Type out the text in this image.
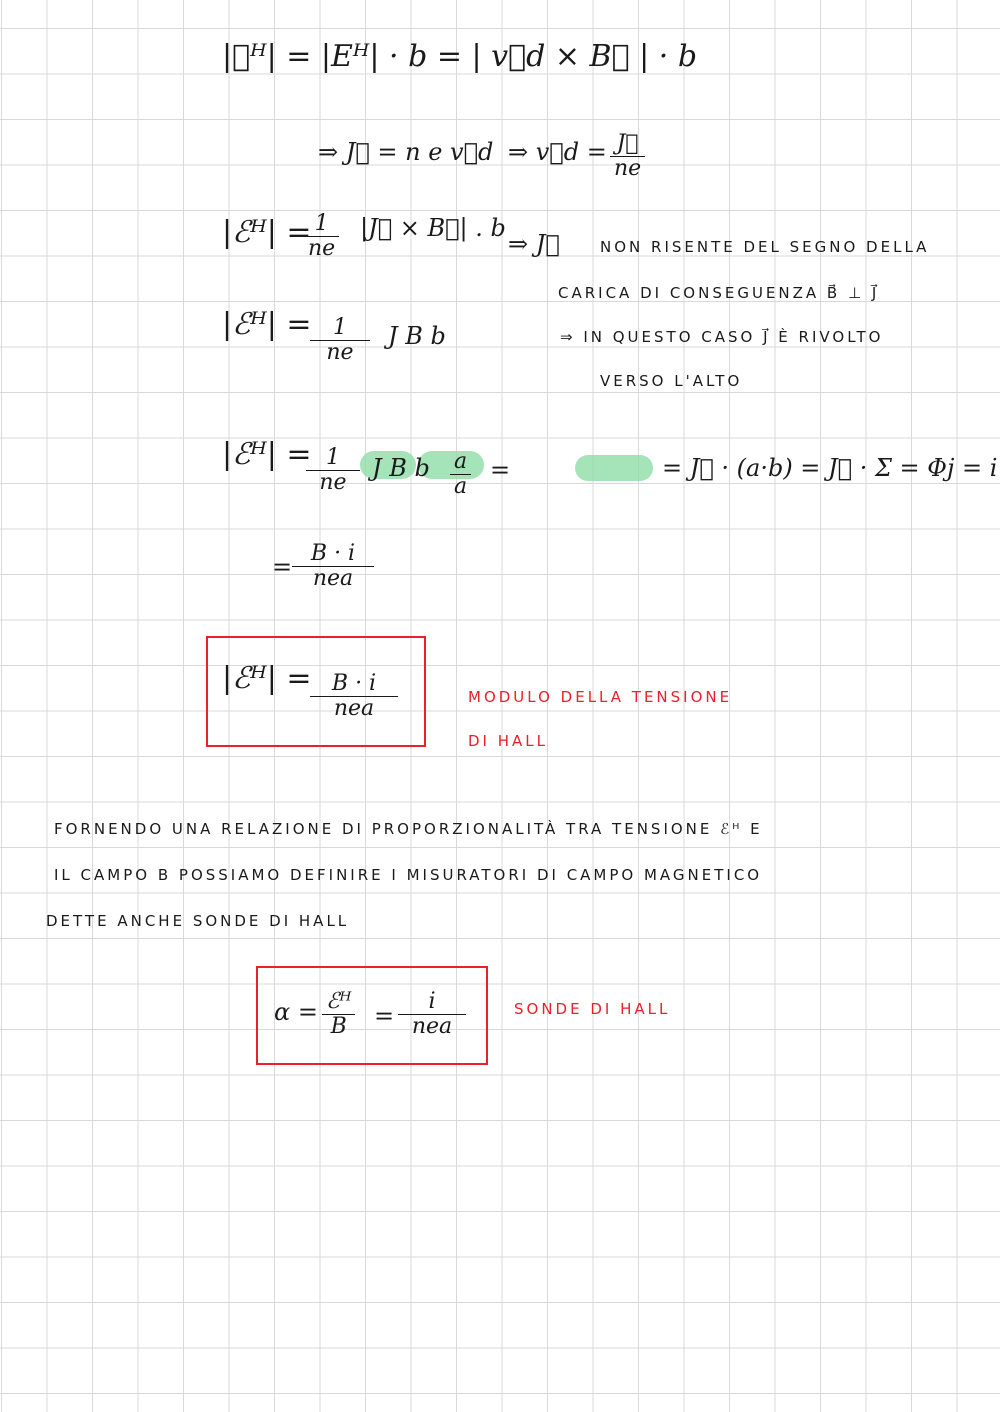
|ℰᴴ| = |Eᴴ| · b = | v⃗d × B⃗ | · b
⇒ J⃗ = n e v⃗d ⇒ v⃗d = J⃗
ne
|ℰᴴ| = 1
ne
|J⃗ × B⃗| . b
⇒ J⃗	NON RISENTE DEL SEGNO DELLA
CARICA DI CONSEGUENZA B⃗ ⊥ J⃗
⇒ IN QUESTO CASO J⃗ È RIVOLTO
VERSO L'ALTO
|ℰᴴ| = 1
ne
J B b
|ℰᴴ| = 1
ne
J B b a
a
=	= J⃗ · (a·b) = J⃗ · Σ = Φj = i
= B · i
nea
|ℰᴴ| = B · i
nea	MODULO DELLA TENSIONE
DI HALL
FORNENDO UNA RELAZIONE DI PROPORZIONALITÀ TRA TENSIONE ℰᴴ E
IL CAMPO B POSSIAMO DEFINIRE I MISURATORI DI CAMPO MAGNETICO
DETTE ANCHE SONDE DI HALL
α = ℰᴴ
B =
i
nea
SONDE DI HALL
